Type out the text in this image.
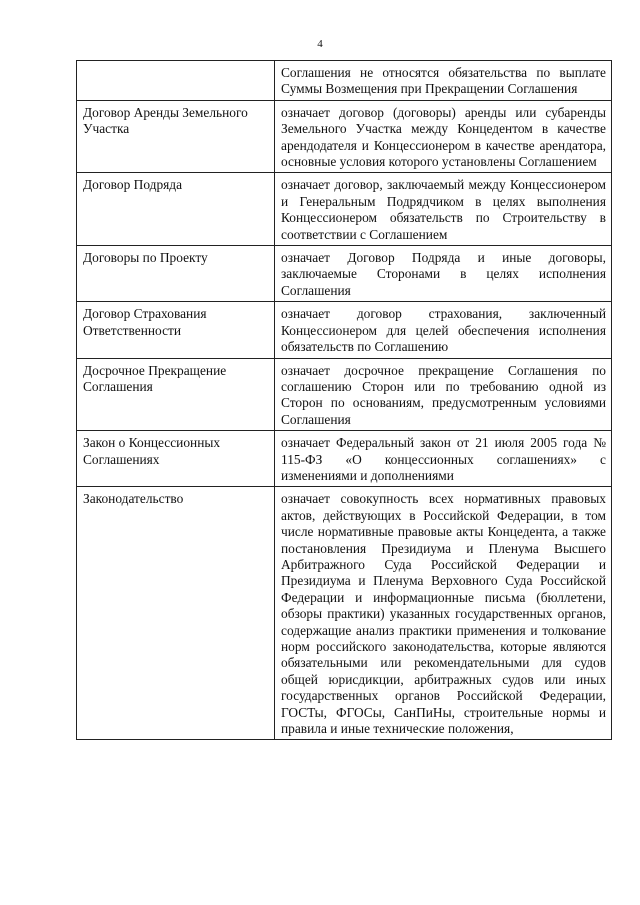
4
	Соглашения не относятся обязательства по выплате Суммы Возмещения при Прекращении Соглашения
Договор Аренды Земельного Участка	означает договор (договоры) аренды или субаренды Земельного Участка между Концедентом в качестве арендодателя и Концессионером в качестве арендатора, основные условия которого установлены Соглашением
Договор Подряда	означает договор, заключаемый между Концессионером и Генеральным Подрядчиком в целях выполнения Концессионером обязательств по Строительству в соответствии с Соглашением
Договоры по Проекту	означает Договор Подряда и иные договоры, заключаемые Сторонами в целях исполнения Соглашения
Договор Страхования Ответственности	означает договор страхования, заключенный Концессионером для целей обеспечения исполнения обязательств по Соглашению
Досрочное Прекращение Соглашения	означает досрочное прекращение Соглашения по соглашению Сторон или по требованию одной из Сторон по основаниям, предусмотренным условиями Соглашения
Закон о Концессионных Соглашениях	означает Федеральный закон от 21 июля 2005 года № 115-ФЗ «О концессионных соглашениях» с изменениями и дополнениями
Законодательство	означает совокупность всех нормативных правовых актов, действующих в Российской Федерации, в том числе нормативные правовые акты Концедента, а также постановления Президиума и Пленума Высшего Арбитражного Суда Российской Федерации и Президиума и Пленума Верховного Суда Российской Федерации и информационные письма (бюллетени, обзоры практики) указанных государственных органов, содержащие анализ практики применения и толкование норм российского законодательства, которые являются обязательными или рекомендательными для судов общей юрисдикции, арбитражных судов или иных государственных органов Российской Федерации, ГОСТы, ФГОСы, СанПиНы, строительные нормы и правила и иные технические положения,
